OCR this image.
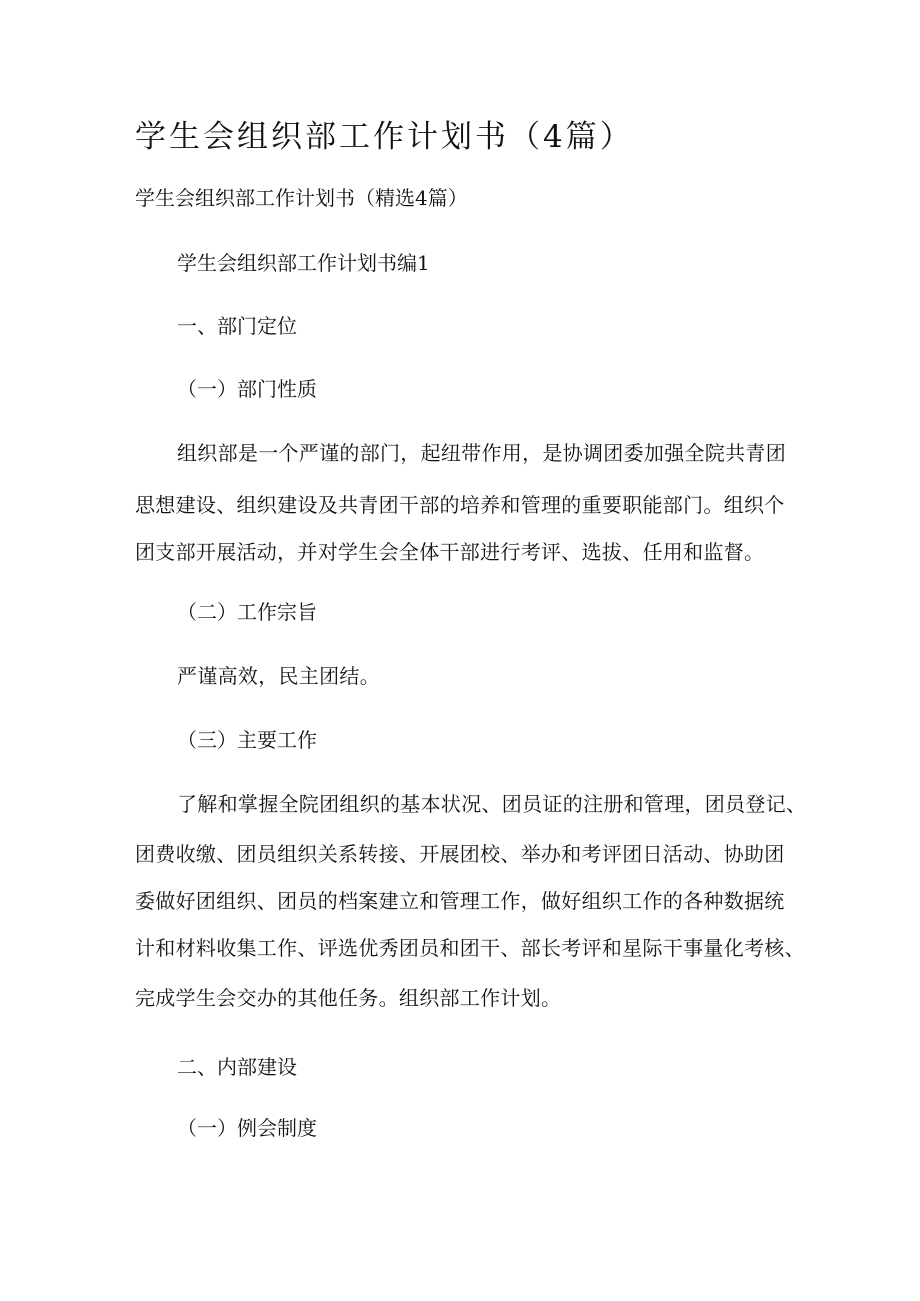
学生会组织部工作计划书（4篇）
学生会组织部工作计划书（精选4篇）
学生会组织部工作计划书编1
一、部门定位
（一）部门性质
组织部是一个严谨的部门，起纽带作用，是协调团委加强全院共青团
思想建设、组织建设及共青团干部的培养和管理的重要职能部门。组织个
团支部开展活动，并对学生会全体干部进行考评、选拔、任用和监督。
（二）工作宗旨
严谨高效，民主团结。
（三）主要工作
了解和掌握全院团组织的基本状况、团员证的注册和管理，团员登记、
团费收缴、团员组织关系转接、开展团校、举办和考评团日活动、协助团
委做好团组织、团员的档案建立和管理工作，做好组织工作的各种数据统
计和材料收集工作、评选优秀团员和团干、部长考评和星际干事量化考核、
完成学生会交办的其他任务。组织部工作计划。
二、内部建设
（一）例会制度
